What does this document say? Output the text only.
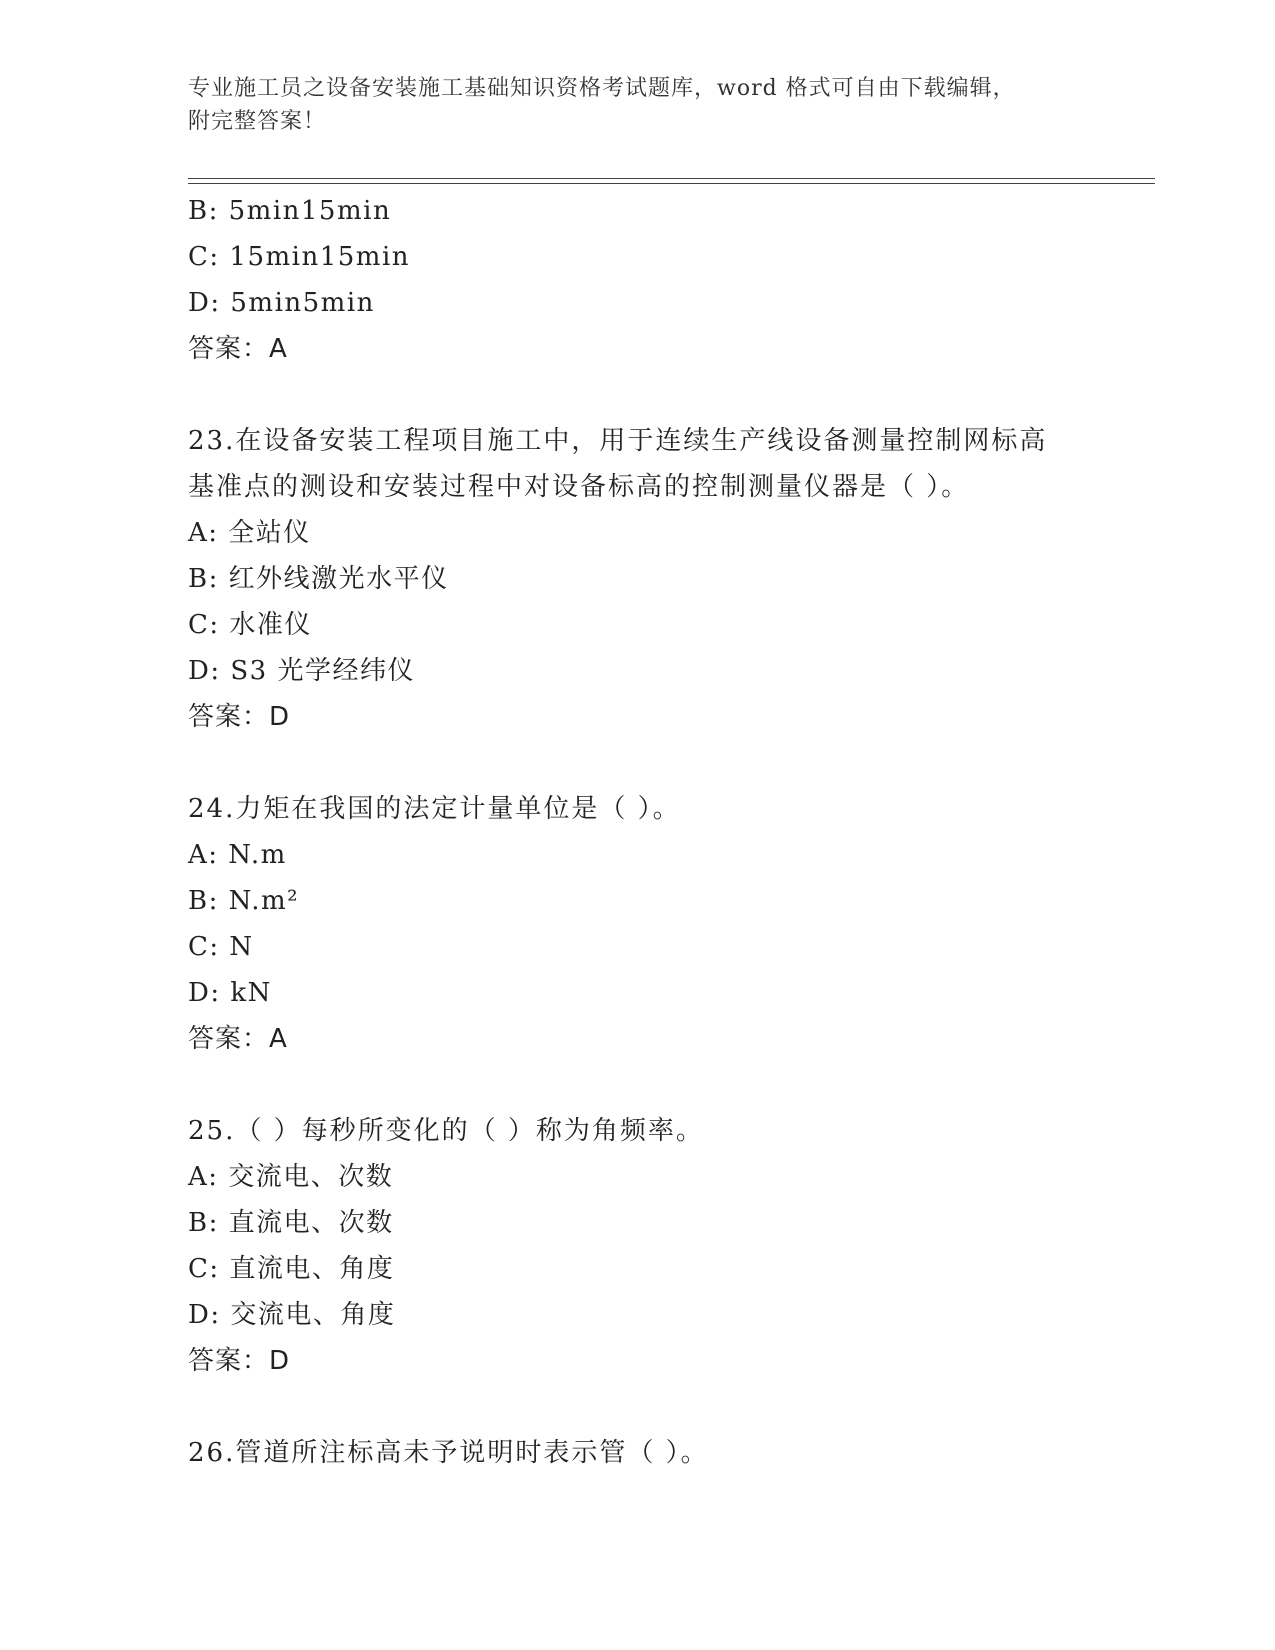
专业施工员之设备安装施工基础知识资格考试题库，word 格式可自由下载编辑，
附完整答案！
B: 5min15min
C: 15min15min
D: 5min5min
答案：A
23.在设备安装工程项目施工中，用于连续生产线设备测量控制网标高
基准点的测设和安装过程中对设备标高的控制测量仪器是（ ）。
A: 全站仪
B: 红外线激光水平仪
C: 水准仪
D: S3 光学经纬仪
答案：D
24.力矩在我国的法定计量单位是（ ）。
A: N.m
B: N.m²
C: N
D: kN
答案：A
25.（ ）每秒所变化的（ ）称为角频率。
A: 交流电、次数
B: 直流电、次数
C: 直流电、角度
D: 交流电、角度
答案：D
26.管道所注标高未予说明时表示管（ ）。
